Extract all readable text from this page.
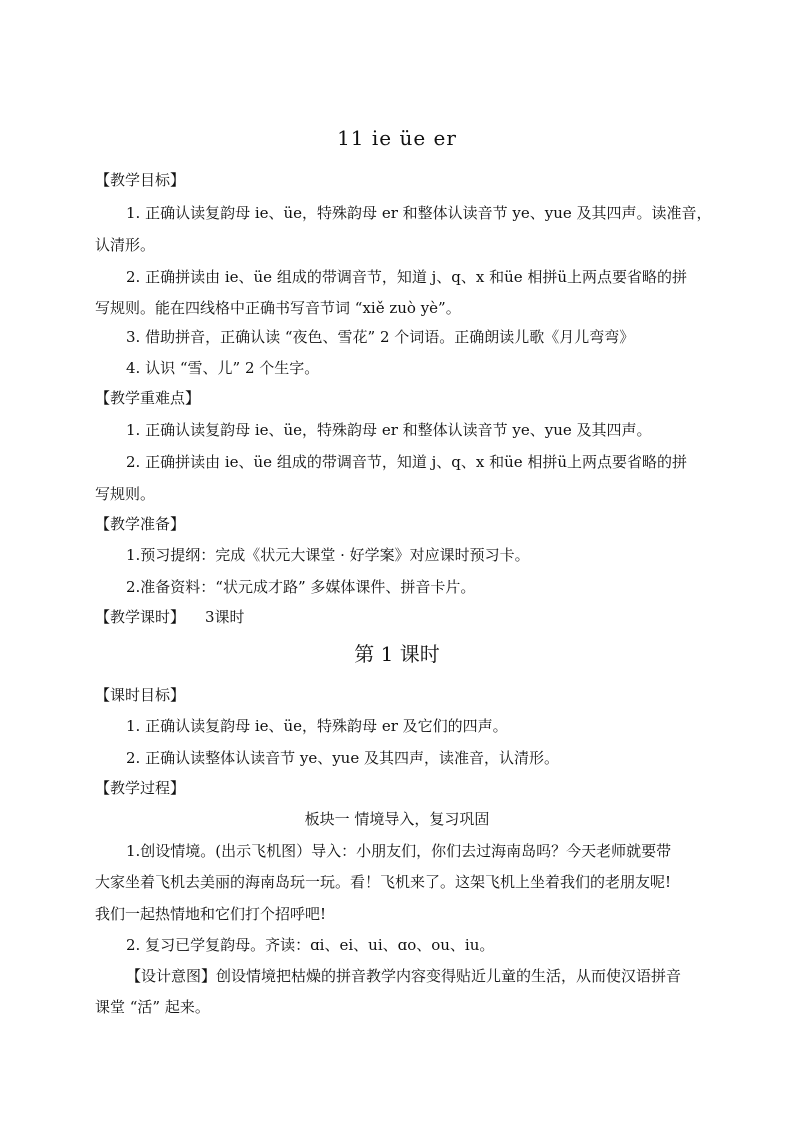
11 ie üe er
【教学目标】
1. 正确认读复韵母 ie、üe，特殊韵母 er 和整体认读音节 ye、yue 及其四声。读准音，
认清形。
2. 正确拼读由 ie、üe 组成的带调音节，知道 j、q、x 和üe 相拼ü上两点要省略的拼
写规则。能在四线格中正确书写音节词 “xiě zuò yè”。
3. 借助拼音，正确认读 “夜色、雪花” 2 个词语。正确朗读儿歌《月儿弯弯》
4. 认识 “雪、儿” 2 个生字。
【教学重难点】
1. 正确认读复韵母 ie、üe，特殊韵母 er 和整体认读音节 ye、yue 及其四声。
2. 正确拼读由 ie、üe 组成的带调音节，知道 j、q、x 和üe 相拼ü上两点要省略的拼
写规则。
【教学准备】
1.预习提纲：完成《状元大课堂 · 好学案》对应课时预习卡。
2.准备资料：“状元成才路” 多媒体课件、拼音卡片。
【教学课时】 3课时
第 1 课时
【课时目标】
1. 正确认读复韵母 ie、üe，特殊韵母 er 及它们的四声。
2. 正确认读整体认读音节 ye、yue 及其四声，读准音，认清形。
【教学过程】
板块一 情境导入，复习巩固
1.创设情境。(出示飞机图）导入：小朋友们，你们去过海南岛吗？今天老师就要带
大家坐着飞机去美丽的海南岛玩一玩。看！飞机来了。这架飞机上坐着我们的老朋友呢!
我们一起热情地和它们打个招呼吧!
2. 复习已学复韵母。齐读：ɑi、ei、ui、ɑo、ou、iu。
【设计意图】创设情境把枯燥的拼音教学内容变得贴近儿童的生活，从而使汉语拼音
课堂 “活” 起来。
